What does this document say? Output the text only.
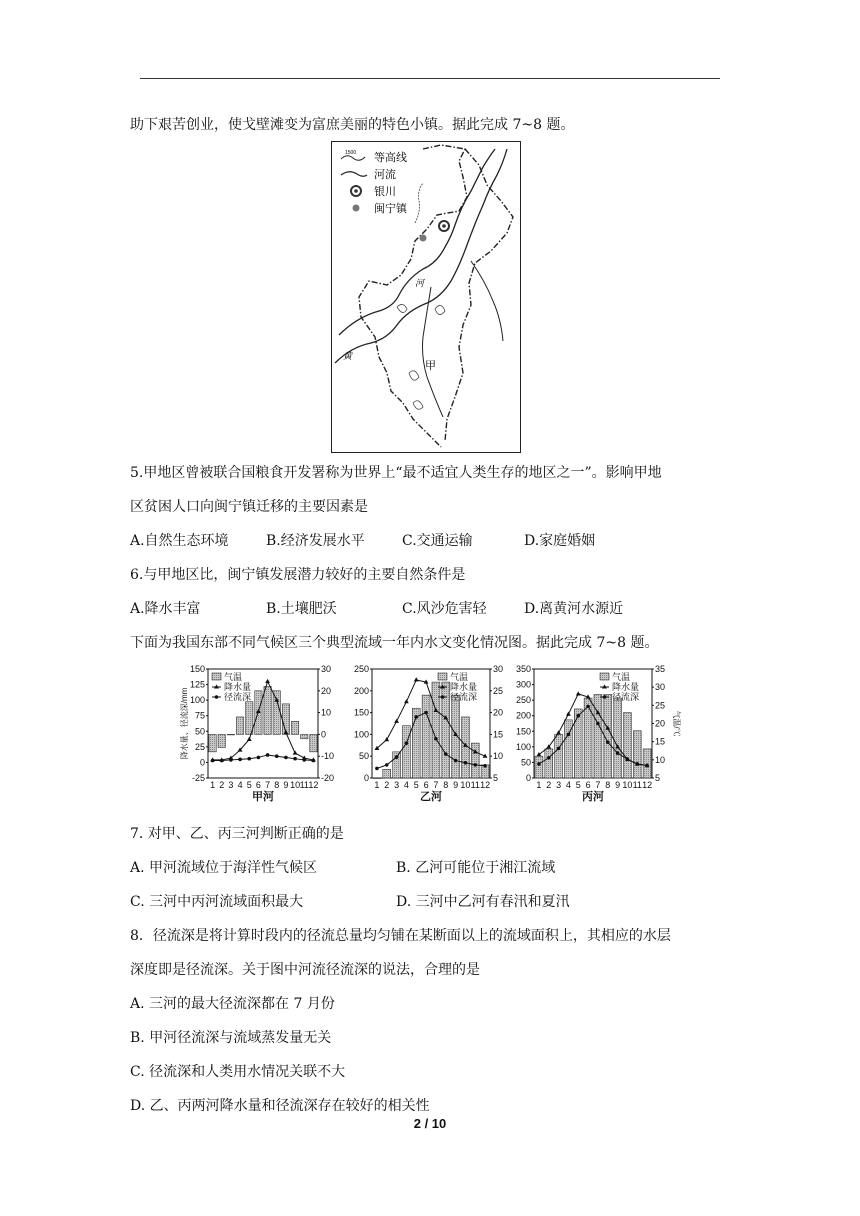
助下艰苦创业，使戈壁滩变为富庶美丽的特色小镇。据此完成 7~8 题。
1500 等高线
河流
银川
闽宁镇
河
甲
黄
5.甲地区曾被联合国粮食开发署称为世界上“最不适宜人类生存的地区之一”。影响甲地
区贫困人口向闽宁镇迁移的主要因素是
A.自然生态环境	B.经济发展水平	C.交通运输	D.家庭婚姻
6.与甲地区比，闽宁镇发展潜力较好的主要自然条件是
A.降水丰富	B.土壤肥沃	C.风沙危害轻	D.离黄河水源近
下面为我国东部不同气候区三个典型流域一年内水文变化情况图。据此完成 7~8 题。
150
125
100
75
50
25
0
-25
30
20
10
0
-10
-20
1 2 3 4 5 6 7 8 9 10 11 12
甲河
气温
降水量
径流深
降水量、径流深/mm
250
200
150
100
50
0
30
25
20
15
10
5
1 2 3 4 5 6 7 8 9 10 11 12
乙河
气温
降水量
径流深
350
300
250
200
150
100
50
0
35
30
25
20
15
10
5
1 2 3 4 5 6 7 8 9 10 11 12
丙河
气温
降水量
径流深
气温/℃
7. 对甲、乙、丙三河判断正确的是
A. 甲河流域位于海洋性气候区	B. 乙河可能位于湘江流域
C. 三河中丙河流域面积最大	D. 三河中乙河有春汛和夏汛
8．径流深是将计算时段内的径流总量均匀铺在某断面以上的流域面积上，其相应的水层
深度即是径流深。关于图中河流径流深的说法，合理的是
A. 三河的最大径流深都在 7 月份
B. 甲河径流深与流域蒸发量无关
C. 径流深和人类用水情况关联不大
D. 乙、丙两河降水量和径流深存在较好的相关性
2 / 10
